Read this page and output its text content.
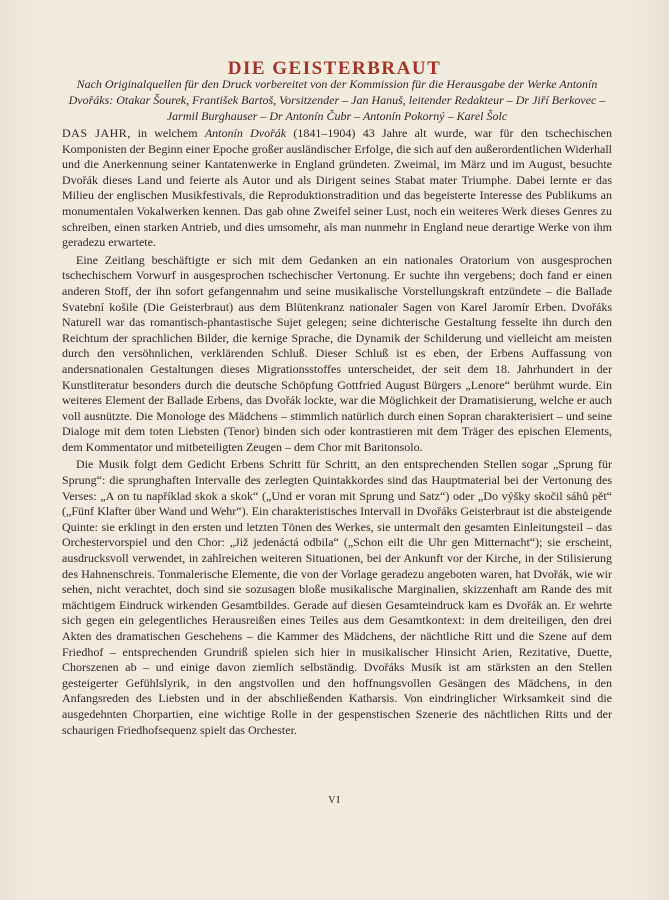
DIE GEISTERBRAUT
Nach Originalquellen für den Druck vorbereitet von der Kommission für die Herausgabe der Werke Antonín Dvořáks: Otakar Šourek, František Bartoš, Vorsitzender – Jan Hanuš, leitender Redakteur – Dr Jiří Berkovec – Jarmil Burghauser – Dr Antonín Čubr – Antonín Pokorný – Karel Šolc

DAS JAHR, in welchem Antonín Dvořák (1841–1904) 43 Jahre alt wurde, war für den tschechischen Komponisten der Beginn einer Epoche großer ausländischer Erfolge, die sich auf den außerordentlichen Widerhall und die Anerkennung seiner Kantatenwerke in England gründeten. Zweimal, im März und im August, besuchte Dvořák dieses Land und feierte als Autor und als Dirigent seines Stabat mater Triumphe. Dabei lernte er das Milieu der englischen Musikfestivals, die Reproduktionstradition und das begeisterte Interesse des Publikums an monumentalen Vokalwerken kennen. Das gab ohne Zweifel seiner Lust, noch ein weiteres Werk dieses Genres zu schreiben, einen starken Antrieb, und dies umsomehr, als man nunmehr in England neue derartige Werke von ihm geradezu erwartete.

Eine Zeitlang beschäftigte er sich mit dem Gedanken an ein nationales Oratorium von ausgesprochen tschechischem Vorwurf in ausgesprochen tschechischer Vertonung. Er suchte ihn vergebens; doch fand er einen anderen Stoff, der ihn sofort gefangennahm und seine musikalische Vorstellungskraft entzündete – die Ballade Svatební košile (Die Geisterbraut) aus dem Blütenkranz nationaler Sagen von Karel Jaromír Erben. Dvořáks Naturell war das romantisch-phantastische Sujet gelegen; seine dichterische Gestaltung fesselte ihn durch den Reichtum der sprachlichen Bilder, die kernige Sprache, die Dynamik der Schilderung und vielleicht am meisten durch den versöhnlichen, verklärenden Schluß. Dieser Schluß ist es eben, der Erbens Auffassung von andersnationalen Gestaltungen dieses Migrationsstoffes unterscheidet, der seit dem 18. Jahrhundert in der Kunstliteratur besonders durch die deutsche Schöpfung Gottfried August Bürgers „Lenore“ berühmt wurde. Ein weiteres Element der Ballade Erbens, das Dvořák lockte, war die Möglichkeit der Dramatisierung, welche er auch voll ausnützte. Die Monologe des Mädchens – stimmlich natürlich durch einen Sopran charakterisiert – und seine Dialoge mit dem toten Liebsten (Tenor) binden sich oder kontrastieren mit dem Träger des epischen Elements, dem Kommentator und mitbeteiligten Zeugen – dem Chor mit Baritonsolo.

Die Musik folgt dem Gedicht Erbens Schritt für Schritt, an den entsprechenden Stellen sogar „Sprung für Sprung“: die sprunghaften Intervalle des zerlegten Quintakkordes sind das Hauptmaterial bei der Vertonung des Verses: „A on tu například skok a skok“ („Und er voran mit Sprung und Satz“) oder „Do výšky skočil sáhů pět“ („Fünf Klafter über Wand und Wehr“). Ein charakteristisches Intervall in Dvořáks Geisterbraut ist die absteigende Quinte: sie erklingt in den ersten und letzten Tönen des Werkes, sie untermalt den gesamten Einleitungsteil – das Orchestervorspiel und den Chor: „Již jedenáctá odbila“ („Schon eilt die Uhr gen Mitternacht“); sie erscheint, ausdrucksvoll verwendet, in zahlreichen weiteren Situationen, bei der Ankunft vor der Kirche, in der Stilisierung des Hahnenschreis. Tonmalerische Elemente, die von der Vorlage geradezu angeboten waren, hat Dvořák, wie wir sehen, nicht verachtet, doch sind sie sozusagen bloße musikalische Marginalien, skizzenhaft am Rande des mit mächtigem Eindruck wirkenden Gesamtbildes. Gerade auf diesen Gesamteindruck kam es Dvořák an. Er wehrte sich gegen ein gelegentliches Herausreißen eines Teiles aus dem Gesamtkontext: in dem dreiteiligen, den drei Akten des dramatischen Geschehens – die Kammer des Mädchens, der nächtliche Ritt und die Szene auf dem Friedhof – entsprechenden Grundriß spielen sich hier in musikalischer Hinsicht Arien, Rezitative, Duette, Chorszenen ab – und einige davon ziemlich selbständig. Dvořáks Musik ist am stärksten an den Stellen gesteigerter Gefühlslyrik, in den angstvollen und den hoffnungsvollen Gesängen des Mädchens, in den Anfangsreden des Liebsten und in der abschließenden Katharsis. Von eindringlicher Wirksamkeit sind die ausgedehnten Chorpartien, eine wichtige Rolle in der gespenstischen Szenerie des nächtlichen Ritts und der schaurigen Friedhofsequenz spielt das Orchester.

VI
